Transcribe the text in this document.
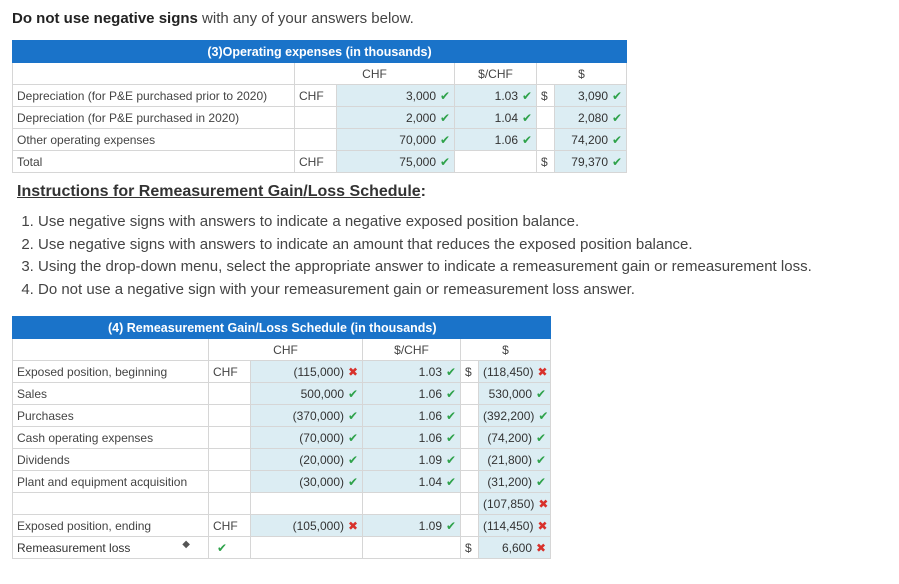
Do not use negative signs with any of your answers below.
(3)Operating expenses (in thousands)					
	CHF		$/CHF	$	
Depreciation (for P&E purchased prior to 2020)	CHF	3,000 ✔	1.03 ✔	$	3,090 ✔
Depreciation (for P&E purchased in 2020)		2,000 ✔	1.04 ✔		2,080 ✔
Other operating expenses		70,000 ✔	1.06 ✔		74,200 ✔
Total	CHF	75,000 ✔		$	79,370 ✔
Instructions for Remeasurement Gain/Loss Schedule:
1. Use negative signs with answers to indicate a negative exposed position balance.
2. Use negative signs with answers to indicate an amount that reduces the exposed position balance.
3. Using the drop-down menu, select the appropriate answer to indicate a remeasurement gain or remeasurement loss.
4. Do not use a negative sign with your remeasurement gain or remeasurement loss answer.
(4) Remeasurement Gain/Loss Schedule (in thousands)					
	CHF		$/CHF	$	
Exposed position, beginning	CHF	(115,000) ✖	1.03 ✔	$	(118,450) ✖
Sales		500,000 ✔	1.06 ✔		530,000 ✔
Purchases		(370,000) ✔	1.06 ✔		(392,200) ✔
Cash operating expenses		(70,000) ✔	1.06 ✔		(74,200) ✔
Dividends		(20,000) ✔	1.09 ✔		(21,800) ✔
Plant and equipment acquisition		(30,000) ✔	1.04 ✔		(31,200) ✔
					(107,850) ✖
Exposed position, ending	CHF	(105,000) ✖	1.09 ✔		(114,450) ✖
Remeasurement loss ◆	✔			$	6,600 ✖
